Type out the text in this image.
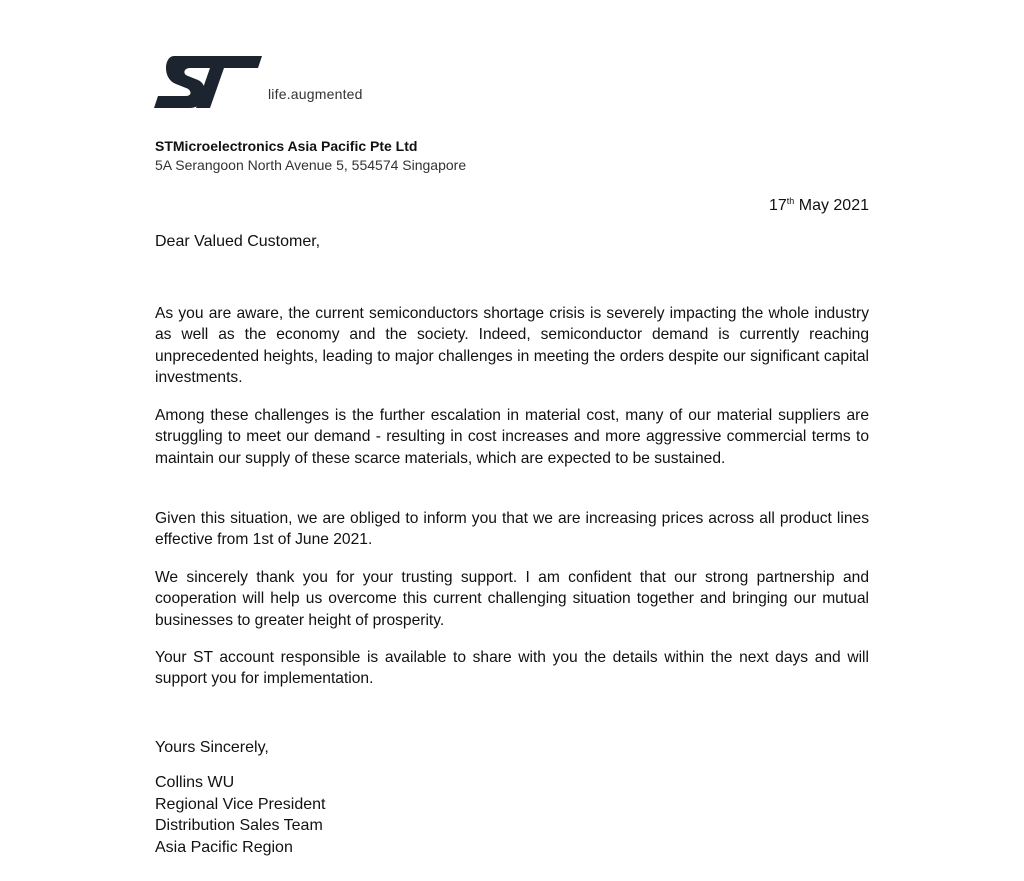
life.augmented
STMicroelectronics Asia Pacific Pte Ltd
5A Serangoon North Avenue 5, 554574 Singapore
17th May 2021
Dear Valued Customer,

As you are aware, the current semiconductors shortage crisis is severely impacting the whole industry as well as the economy and the society. Indeed, semiconductor demand is currently reaching unprecedented heights, leading to major challenges in meeting the orders despite our significant capital investments.

Among these challenges is the further escalation in material cost, many of our material suppliers are struggling to meet our demand - resulting in cost increases and more aggressive commercial terms to maintain our supply of these scarce materials, which are expected to be sustained.

Given this situation, we are obliged to inform you that we are increasing prices across all product lines effective from 1st of June 2021.

We sincerely thank you for your trusting support. I am confident that our strong partnership and cooperation will help us overcome this current challenging situation together and bringing our mutual businesses to greater height of prosperity.

Your ST account responsible is available to share with you the details within the next days and will support you for implementation.

Yours Sincerely,
Collins WU
Regional Vice President
Distribution Sales Team
Asia Pacific Region
